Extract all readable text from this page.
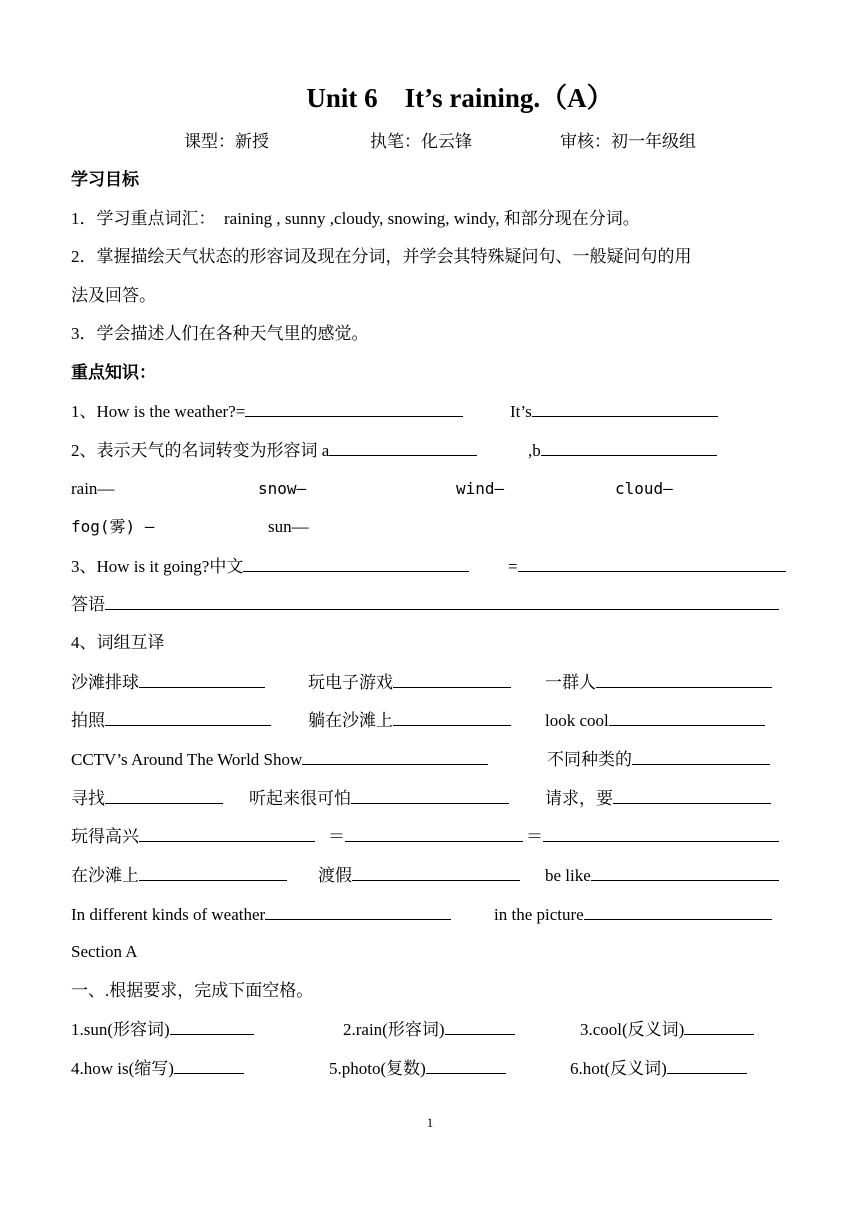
Unit 6　It’s raining.（A）
课型：新授	执笔：化云锋	审核：初一年级组
学习目标
1．学习重点词汇：　raining , sunny ,cloudy, snowing, windy, 和部分现在分词。
2．掌握描绘天气状态的形容词及现在分词，并学会其特殊疑问句、一般疑问句的用
法及回答。
3．学会描述人们在各种天气里的感觉。
重点知识：
1、How is the weather?=	It’s
2、表示天气的名词转变为形容词 a	,b
rain—	snow—	wind—	cloud—
fog(雾) —	sun—
3、How is it going?中文	=
答语
4、词组互译
沙滩排球	玩电子游戏	一群人
拍照	躺在沙滩上	look cool
CCTV’s Around The World Show	不同种类的
寻找	听起来很可怕	请求，要
玩得高兴	＝	＝
在沙滩上	渡假	be like
In different kinds of weather	in the picture
Section A
一、.根据要求，完成下面空格。
1.sun(形容词)	2.rain(形容词)	3.cool(反义词)
4.how is(缩写)	5.photo(复数)	6.hot(反义词)
1
